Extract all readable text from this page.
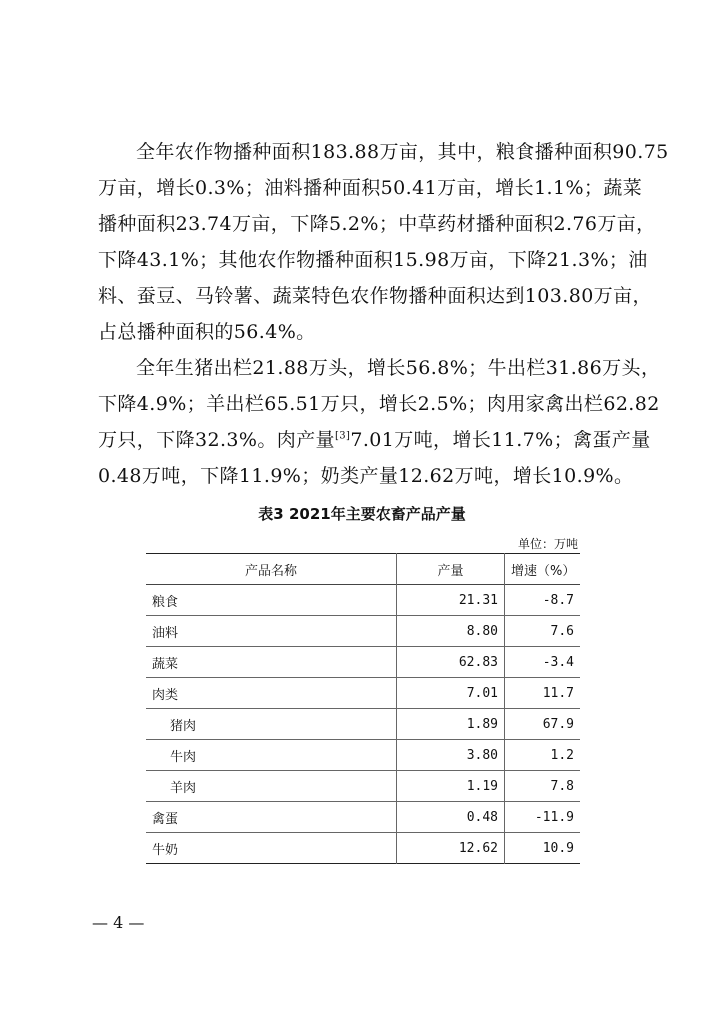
全年农作物播种面积183.88万亩，其中，粮食播种面积90.75
万亩，增长0.3%；油料播种面积50.41万亩，增长1.1%；蔬菜
播种面积23.74万亩，下降5.2%；中草药材播种面积2.76万亩，
下降43.1%；其他农作物播种面积15.98万亩，下降21.3%；油
料、蚕豆、马铃薯、蔬菜特色农作物播种面积达到103.80万亩，
占总播种面积的56.4%。
全年生猪出栏21.88万头，增长56.8%；牛出栏31.86万头，
下降4.9%；羊出栏65.51万只，增长2.5%；肉用家禽出栏62.82
万只，下降32.3%。肉产量[3]7.01万吨，增长11.7%；禽蛋产量
0.48万吨，下降11.9%；奶类产量12.62万吨，增长10.9%。
表3 2021年主要农畜产品产量
单位：万吨
产品名称	产量	增速（%）
粮食	21.31	-8.7
油料	8.80	7.6
蔬菜	62.83	-3.4
肉类	7.01	11.7
猪肉	1.89	67.9
牛肉	3.80	1.2
羊肉	1.19	7.8
禽蛋	0.48	-11.9
牛奶	12.62	10.9
— 4 —
